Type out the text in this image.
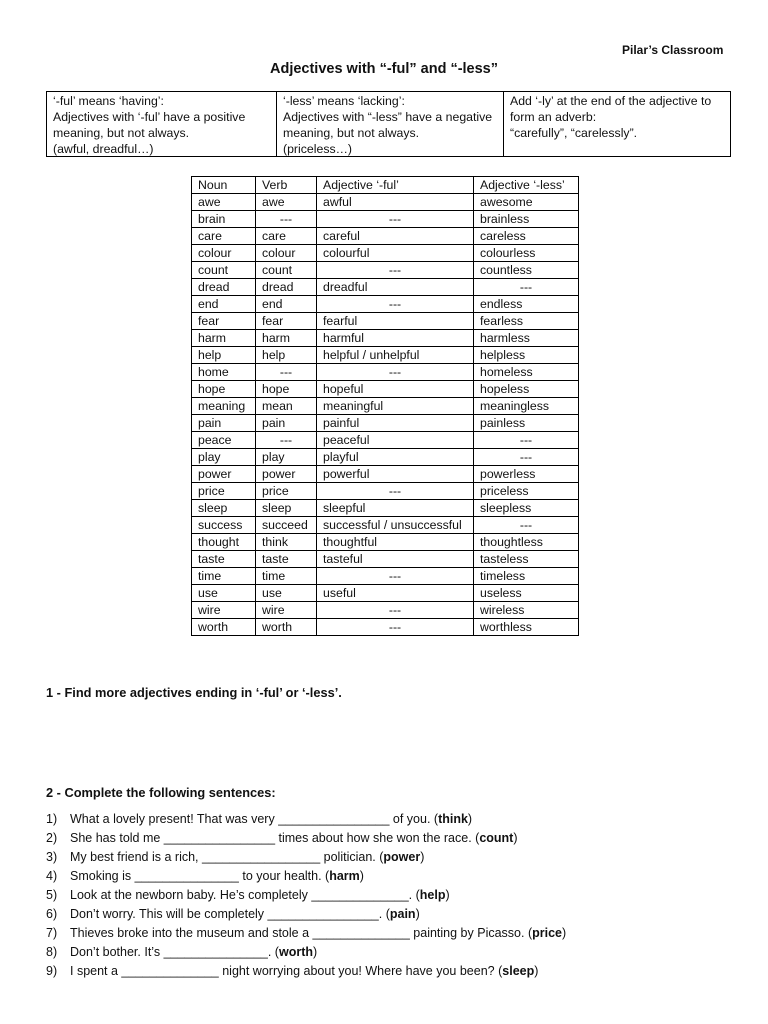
Pilar’s Classroom
Adjectives with “-ful” and “-less”
‘-ful’ means ‘having’:
Adjectives with ‘-ful’ have a positive meaning, but not always.
(awful, dreadful…)
‘-less’ means ‘lacking’:
Adjectives with “-less” have a negative meaning, but not always.
(priceless…)
Add ‘-ly’ at the end of the adjective to form an adverb:
“carefully”, “carelessly”.
Noun	Verb	Adjective ‘-ful’	Adjective ‘-less’
awe	awe	awful	awesome
brain	---	---	brainless
care	care	careful	careless
colour	colour	colourful	colourless
count	count	---	countless
dread	dread	dreadful	---
end	end	---	endless
fear	fear	fearful	fearless
harm	harm	harmful	harmless
help	help	helpful / unhelpful	helpless
home	---	---	homeless
hope	hope	hopeful	hopeless
meaning	mean	meaningful	meaningless
pain	pain	painful	painless
peace	---	peaceful	---
play	play	playful	---
power	power	powerful	powerless
price	price	---	priceless
sleep	sleep	sleepful	sleepless
success	succeed	successful / unsuccessful	---
thought	think	thoughtful	thoughtless
taste	taste	tasteful	tasteless
time	time	---	timeless
use	use	useful	useless
wire	wire	---	wireless
worth	worth	---	worthless
1 - Find more adjectives ending in ‘-ful’ or ‘-less’.
2 - Complete the following sentences:
1) What a lovely present! That was very ________________ of you. (think)
2) She has told me ________________ times about how she won the race. (count)
3) My best friend is a rich, _________________ politician. (power)
4) Smoking is _______________ to your health. (harm)
5) Look at the newborn baby. He’s completely ______________. (help)
6) Don’t worry. This will be completely ________________. (pain)
7) Thieves broke into the museum and stole a ______________ painting by Picasso. (price)
8) Don’t bother. It’s _______________. (worth)
9) I spent a ______________ night worrying about you! Where have you been? (sleep)
